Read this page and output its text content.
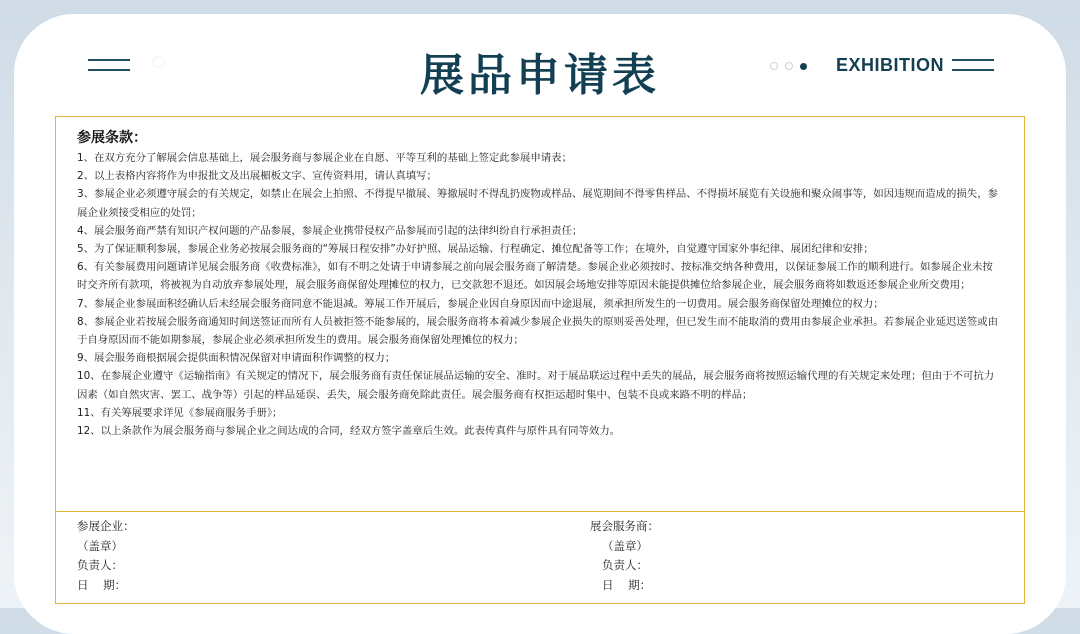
EXHIBITION
展品申请表
参展条款：

1、在双方充分了解展会信息基础上，展会服务商与参展企业在自愿、平等互利的基础上签定此参展申请表；

2、以上表格内容将作为申报批文及出展楣板文字、宣传资料用，请认真填写；

3、参展企业必须遵守展会的有关规定，如禁止在展会上拍照、不得提早撤展、筹撤展时不得乱扔废物或样品、展览期间不得零售样品、不得损坏展览有关设施和聚众闹事等，如因违规而造成的损失，参展企业须接受相应的处罚；

4、展会服务商严禁有知识产权问题的产品参展，参展企业携带侵权产品参展而引起的法律纠纷自行承担责任；

5、为了保证顺利参展，参展企业务必按展会服务商的“筹展日程安排”办好护照、展品运输、行程确定、摊位配备等工作；在境外，自觉遵守国家外事纪律、展团纪律和安排；

6、有关参展费用问题请详见展会服务商《收费标准》，如有不明之处请于申请参展之前向展会服务商了解清楚。参展企业必须按时、按标准交纳各种费用，以保证参展工作的顺利进行。如参展企业未按时交齐所有款项，将被视为自动放弃参展处理，展会服务商保留处理摊位的权力，已交款恕不退还。如因展会场地安排等原因未能提供摊位给参展企业，展会服务商将如数返还参展企业所交费用；

7、参展企业参展面积经确认后未经展会服务商同意不能退减。筹展工作开展后，参展企业因自身原因而中途退展，须承担所发生的一切费用。展会服务商保留处理摊位的权力；

8、参展企业若按展会服务商通知时间送签证而所有人员被拒签不能参展的，展会服务商将本着减少参展企业损失的原则妥善处理，但已发生而不能取消的费用由参展企业承担。若参展企业延迟送签或由于自身原因而不能如期参展，参展企业必须承担所发生的费用。展会服务商保留处理摊位的权力；

9、展会服务商根据展会提供面积情况保留对申请面积作调整的权力；

10、在参展企业遵守《运输指南》有关规定的情况下，展会服务商有责任保证展品运输的安全、准时。对于展品联运过程中丢失的展品，展会服务商将按照运输代理的有关规定来处理；但由于不可抗力因素（如自然灾害、罢工、战争等）引起的样品延误、丢失，展会服务商免除此责任。展会服务商有权拒运超时集中、包装不良或来路不明的样品；

11、有关筹展要求详见《参展商服务手册》；

12、以上条款作为展会服务商与参展企业之间达成的合同，经双方签字盖章后生效。此表传真件与原件具有同等效力。

参展企业：
（盖章）
负责人：
日    期：
展会服务商：
（盖章）
负责人：
日    期：
